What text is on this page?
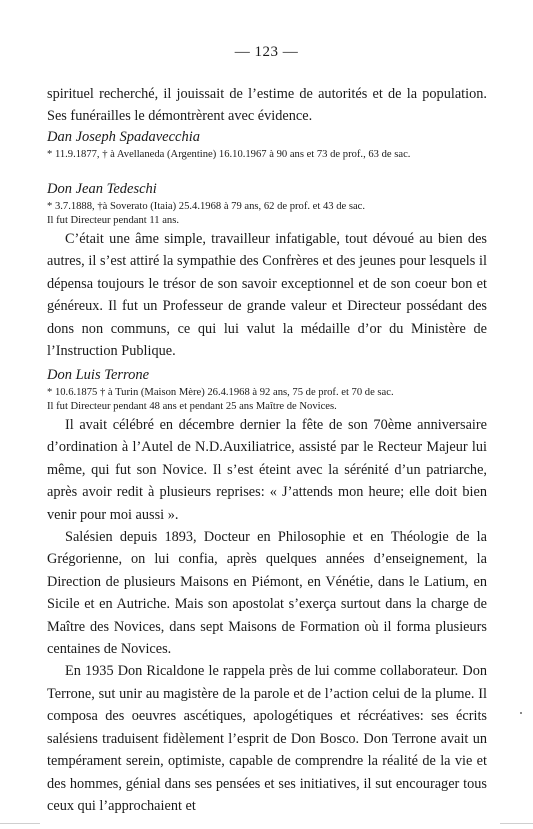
— 123 —

spirituel recherché, il jouissait de l’estime de autorités et de la population. Ses funérailles le démontrèrent avec évidence.

Dan Joseph Spadavecchia

* 11.9.1877, † à Avellaneda (Argentine) 16.10.1967 à 90 ans et 73 de prof., 63 de sac.

Don Jean Tedeschi

* 3.7.1888, †à Soverato (Itaia) 25.4.1968 à 79 ans, 62 de prof. et 43 de sac.

Il fut Directeur pendant 11 ans.

C’était une âme simple, travailleur infatigable, tout dévoué au bien des autres, il s’est attiré la sympathie des Confrères et des jeunes pour lesquels il dépensa toujours le trésor de son savoir exceptionnel et de son coeur bon et généreux. Il fut un Professeur de grande valeur et Directeur possédant des dons non communs, ce qui lui valut la médaille d’or du Ministère de l’Instruction Publique.

Don Luis Terrone

* 10.6.1875 † à Turin (Maison Mère) 26.4.1968 à 92 ans, 75 de prof. et 70 de sac.

Il fut Directeur pendant 48 ans et pendant 25 ans Maître de Novices.

Il avait célébré en décembre dernier la fête de son 70ème anniversaire d’ordination à l’Autel de N.D.Auxiliatrice, assisté par le Recteur Majeur lui même, qui fut son Novice. Il s’est éteint avec la sérénité d’un patriarche, après avoir redit à plusieurs reprises: « J’attends mon heure; elle doit bien venir pour moi aussi ».

Salésien depuis 1893, Docteur en Philosophie et en Théologie de la Grégorienne, on lui confia, après quelques années d’enseignement, la Direction de plusieurs Maisons en Piémont, en Vénétie, dans le Latium, en Sicile et en Autriche. Mais son apostolat s’exerça surtout dans la charge de Maître des Novices, dans sept Maisons de Formation où il forma plusieurs centaines de Novices.

En 1935 Don Ricaldone le rappela près de lui comme collaborateur. Don Terrone, sut unir au magistère de la parole et de l’action celui de la plume. Il composa des oeuvres ascétiques, apologétiques et récréatives: ses écrits salésiens traduisent fidèlement l’esprit de Don Bosco. Don Terrone avait un tempérament serein, optimiste, capable de comprendre la réalité de la vie et des hommes, génial dans ses pensées et ses initiatives, il sut encourager tous ceux qui l’approchaient et
